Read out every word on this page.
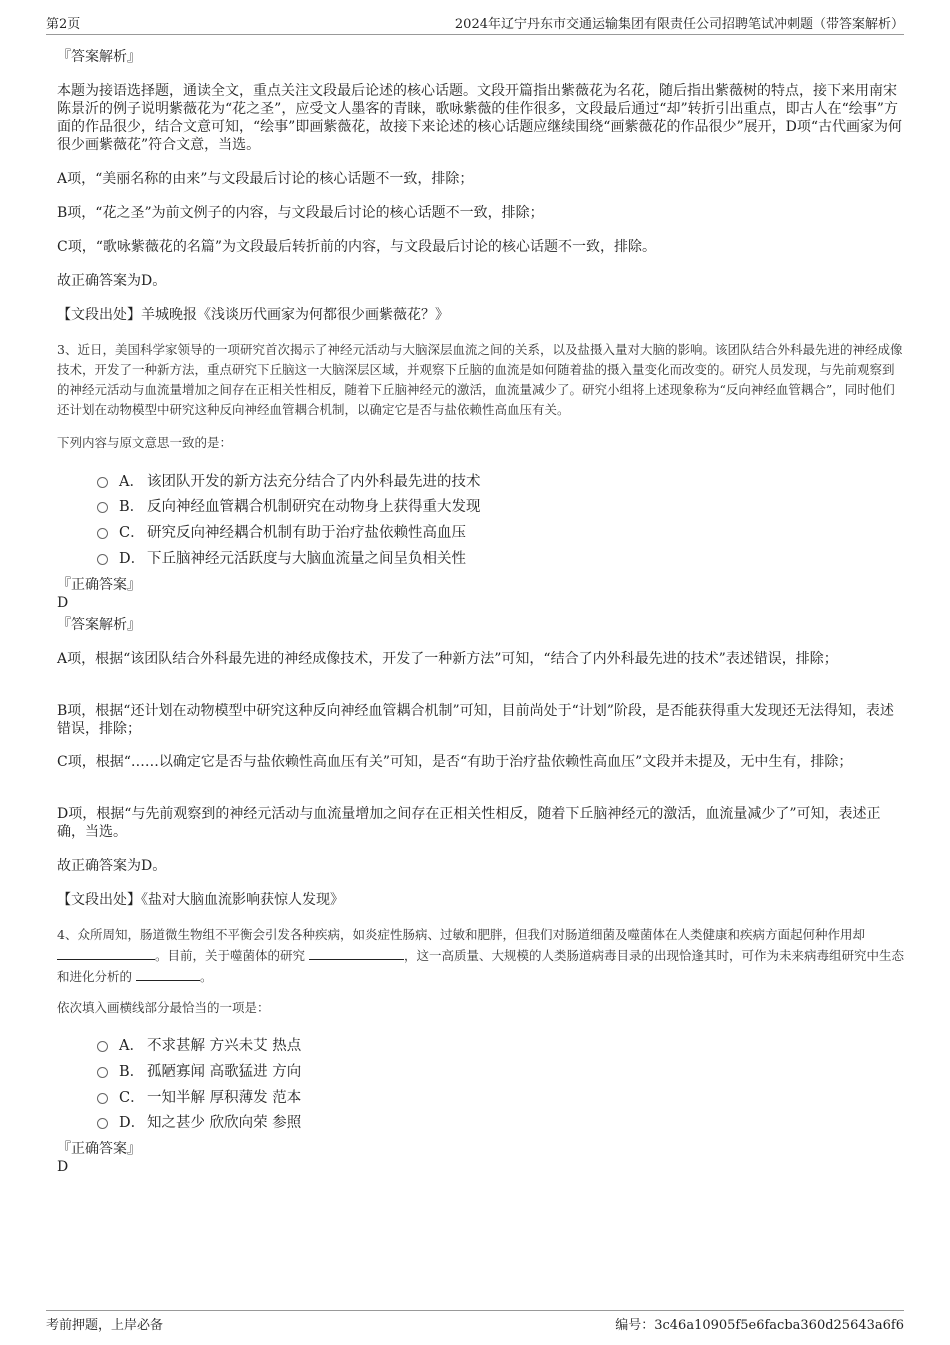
第2页	2024年辽宁丹东市交通运输集团有限责任公司招聘笔试冲刺题（带答案解析）
『答案解析』
本题为接语选择题，通读全文，重点关注文段最后论述的核心话题。文段开篇指出紫薇花为名花，随后指出紫薇树的特点，接下来用南宋陈景沂的例子说明紫薇花为“花之圣”，应受文人墨客的青睐，歌咏紫薇的佳作很多，文段最后通过“却”转折引出重点，即古人在“绘事”方面的作品很少，结合文意可知，“绘事”即画紫薇花，故接下来论述的核心话题应继续围绕“画紫薇花的作品很少”展开，D项“古代画家为何很少画紫薇花”符合文意，当选。
A项，“美丽名称的由来”与文段最后讨论的核心话题不一致，排除；
B项，“花之圣”为前文例子的内容，与文段最后讨论的核心话题不一致，排除；
C项，“歌咏紫薇花的名篇”为文段最后转折前的内容，与文段最后讨论的核心话题不一致，排除。
故正确答案为D。
【文段出处】羊城晚报《浅谈历代画家为何都很少画紫薇花？》
3、近日，美国科学家领导的一项研究首次揭示了神经元活动与大脑深层血流之间的关系，以及盐摄入量对大脑的影响。该团队结合外科最先进的神经成像技术，开发了一种新方法，重点研究下丘脑这一大脑深层区域，并观察下丘脑的血流是如何随着盐的摄入量变化而改变的。研究人员发现，与先前观察到的神经元活动与血流量增加之间存在正相关性相反，随着下丘脑神经元的激活，血流量减少了。研究小组将上述现象称为“反向神经血管耦合”，同时他们还计划在动物模型中研究这种反向神经血管耦合机制，以确定它是否与盐依赖性高血压有关。
下列内容与原文意思一致的是：
A． 该团队开发的新方法充分结合了内外科最先进的技术
B． 反向神经血管耦合机制研究在动物身上获得重大发现
C． 研究反向神经耦合机制有助于治疗盐依赖性高血压
D． 下丘脑神经元活跃度与大脑血流量之间呈负相关性
『正确答案』
D
『答案解析』
A项，根据“该团队结合外科最先进的神经成像技术，开发了一种新方法”可知，“结合了内外科最先进的技术”表述错误，排除；
B项，根据“还计划在动物模型中研究这种反向神经血管耦合机制”可知，目前尚处于“计划”阶段，是否能获得重大发现还无法得知，表述错误，排除；
C项，根据“……以确定它是否与盐依赖性高血压有关”可知，是否“有助于治疗盐依赖性高血压”文段并未提及，无中生有，排除；
D项，根据“与先前观察到的神经元活动与血流量增加之间存在正相关性相反，随着下丘脑神经元的激活，血流量减少了”可知，表述正确，当选。
故正确答案为D。
【文段出处】《盐对大脑血流影响获惊人发现》
4、众所周知，肠道微生物组不平衡会引发各种疾病，如炎症性肠病、过敏和肥胖，但我们对肠道细菌及噬菌体在人类健康和疾病方面起何种作用却 。目前，关于噬菌体的研究	，这一高质量、大规模的人类肠道病毒目录的出现恰逢其时，可作为未来病毒组研究中生态和进化分析的	。
依次填入画横线部分最恰当的一项是：
A． 不求甚解 方兴未艾 热点
B． 孤陋寡闻 高歌猛进 方向
C． 一知半解 厚积薄发 范本
D． 知之甚少 欣欣向荣 参照
『正确答案』
D
考前押题，上岸必备	编号：3c46a10905f5e6facba360d25643a6f6
